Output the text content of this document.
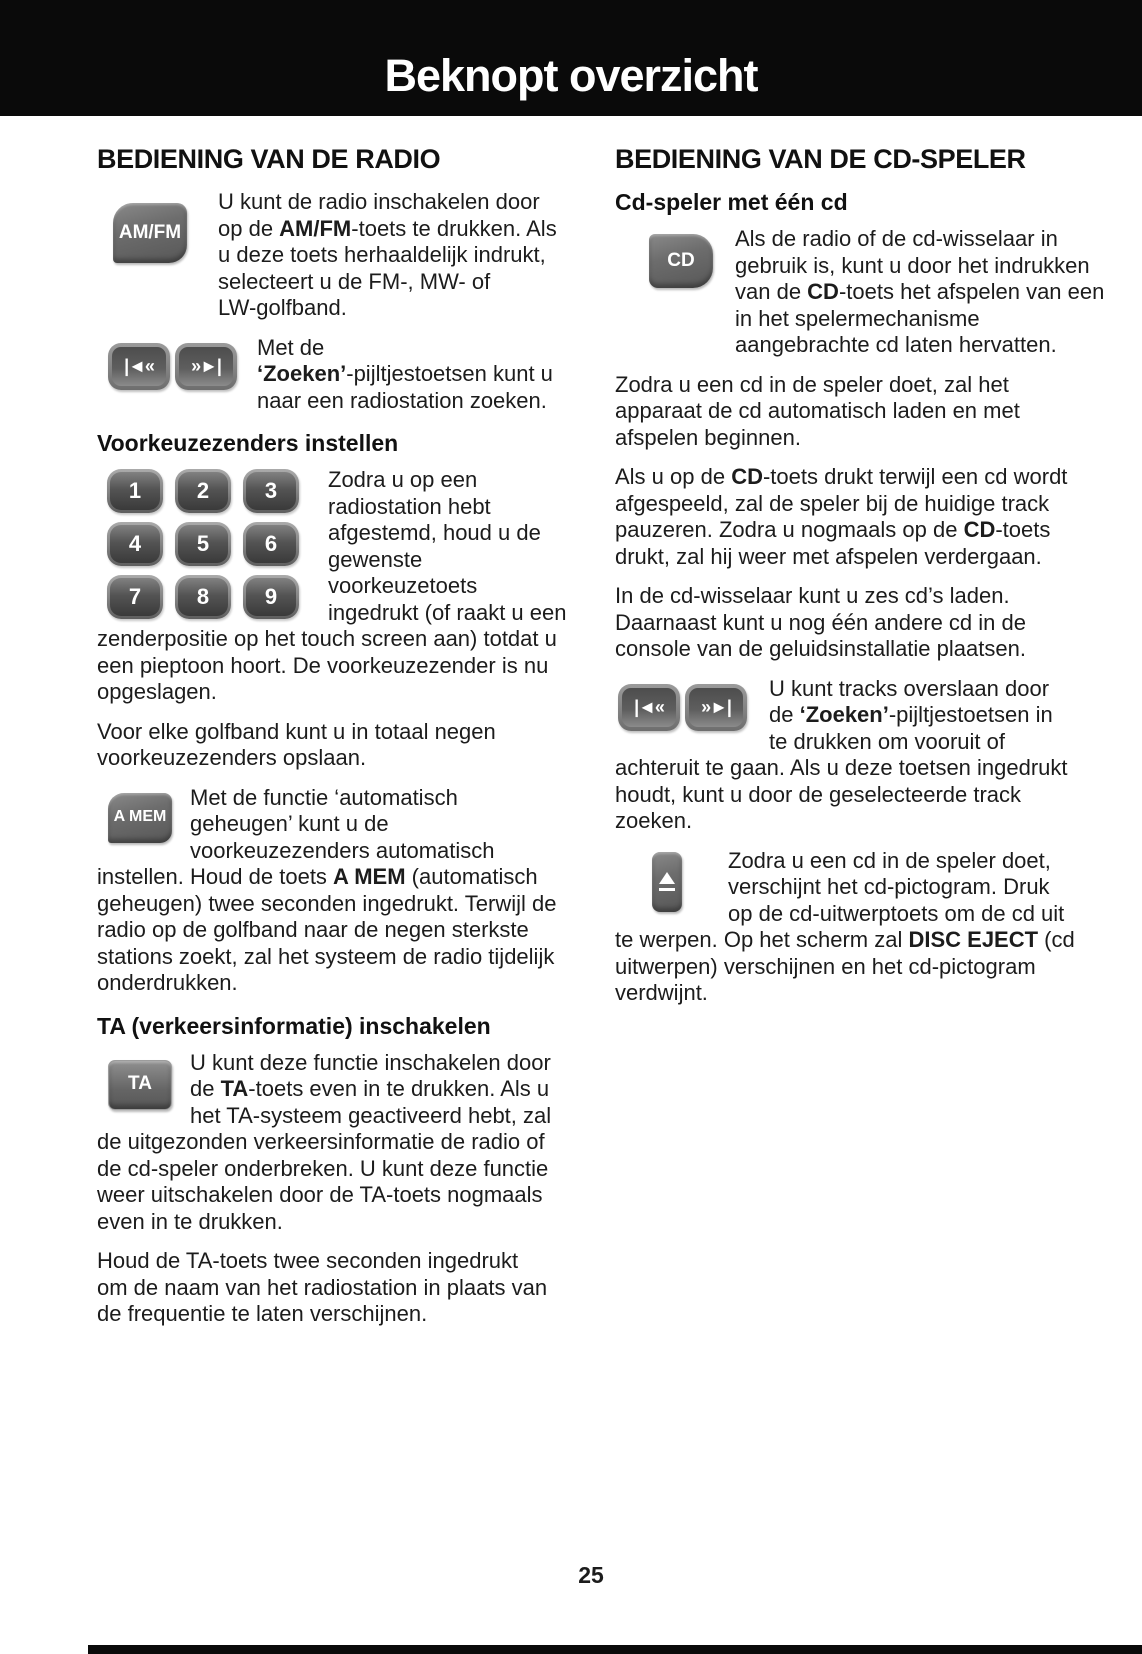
Beknopt overzicht
BEDIENING VAN DE RADIO
AM/FM
U kunt de radio inschakelen door
op de AM/FM-toets te drukken. Als
u deze toets herhaaldelijk indrukt,
selecteert u de FM-, MW- of
LW-golfband.
|◄«	»►|
Met de
‘Zoeken’-pijltjestoetsen kunt u
naar een radiostation zoeken.
Voorkeuzezenders instellen
1	2	3
4	5	6
7	8	9
Zodra u op een
radiostation hebt
afgestemd, houd u de
gewenste
voorkeuzetoets
ingedrukt (of raakt u een
zenderpositie op het touch screen aan) totdat u
een pieptoon hoort. De voorkeuzezender is nu
opgeslagen.

Voor elke golfband kunt u in totaal negen
voorkeuzezenders opslaan.

A MEM
Met de functie ‘automatisch
geheugen’ kunt u de
voorkeuzezenders automatisch
instellen. Houd de toets A MEM (automatisch
geheugen) twee seconden ingedrukt. Terwijl de
radio op de golfband naar de negen sterkste
stations zoekt, zal het systeem de radio tijdelijk
onderdrukken.
TA (verkeersinformatie) inschakelen
TA
U kunt deze functie inschakelen door
de TA-toets even in te drukken. Als u
het TA-systeem geactiveerd hebt, zal
de uitgezonden verkeersinformatie de radio of
de cd-speler onderbreken. U kunt deze functie
weer uitschakelen door de TA-toets nogmaals
even in te drukken.

Houd de TA-toets twee seconden ingedrukt
om de naam van het radiostation in plaats van
de frequentie te laten verschijnen.

BEDIENING VAN DE CD-SPELER
Cd-speler met één cd
CD
Als de radio of de cd-wisselaar in
gebruik is, kunt u door het indrukken
van de CD-toets het afspelen van een
in het spelermechanisme
aangebrachte cd laten hervatten.

Zodra u een cd in de speler doet, zal het
apparaat de cd automatisch laden en met
afspelen beginnen.

Als u op de CD-toets drukt terwijl een cd wordt
afgespeeld, zal de speler bij de huidige track
pauzeren. Zodra u nogmaals op de CD-toets
drukt, zal hij weer met afspelen verdergaan.

In de cd-wisselaar kunt u zes cd’s laden.
Daarnaast kunt u nog één andere cd in de
console van de geluidsinstallatie plaatsen.

|◄«	»►|
U kunt tracks overslaan door
de ‘Zoeken’-pijltjestoetsen in
te drukken om vooruit of
achteruit te gaan. Als u deze toetsen ingedrukt
houdt, kunt u door de geselecteerde track
zoeken.
Zodra u een cd in de speler doet,
verschijnt het cd-pictogram. Druk
op de cd-uitwerptoets om de cd uit
te werpen. Op het scherm zal DISC EJECT (cd
uitwerpen) verschijnen en het cd-pictogram
verdwijnt.
25
